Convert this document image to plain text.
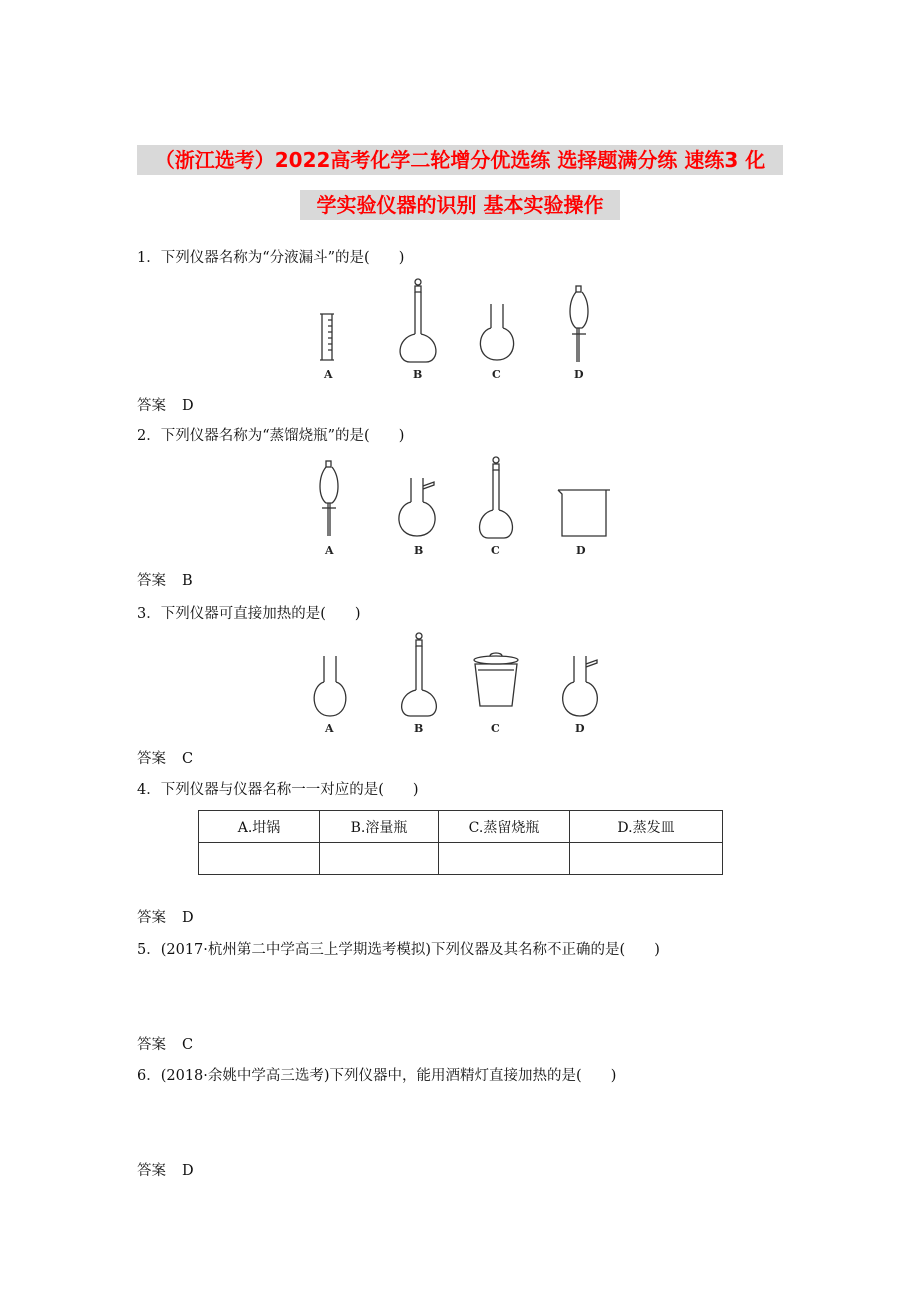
（浙江选考）2022高考化学二轮增分优选练 选择题满分练 速练3 化
学实验仪器的识别 基本实验操作
1．下列仪器名称为“分液漏斗”的是(　　)
A	B	C	D
答案 D
2．下列仪器名称为“蒸馏烧瓶”的是(　　)
A	B	C	D
答案 B
3．下列仪器可直接加热的是(　　)
A	B	C	D
答案 C
4．下列仪器与仪器名称一一对应的是(　　)
A.坩锅	B.溶量瓶	C.蒸留烧瓶	D.蒸发皿

答案 D
5．(2017·杭州第二中学高三上学期选考模拟)下列仪器及其名称不正确的是(　　)
答案 C
6．(2018·余姚中学高三选考)下列仪器中，能用酒精灯直接加热的是(　　)
答案 D
